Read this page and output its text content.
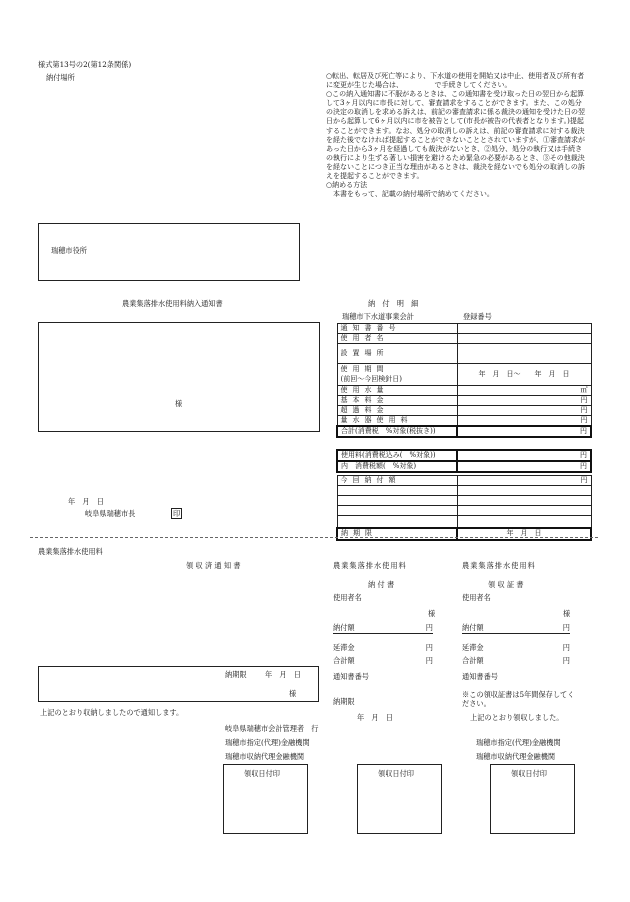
様式第13号の2(第12条関係)
納付場所	○転出、転居及び死亡等により、下水道の使用を開始又は中止、使用者及び所有者に変更が生じた場合は、　　　　　で手続きしてください。
○この納入通知書に不服があるときは、この通知書を受け取った日の翌日から起算して3ヶ月以内に市長に対して、審査請求をすることができます。また、この処分の決定の取消しを求める訴えは、前記の審査請求に係る裁決の通知を受けた日の翌日から起算して6ヶ月以内に市を被告として(市長が被告の代表者となります。)提起することができます。なお、処分の取消しの訴えは、前記の審査請求に対する裁決を経た後でなければ提起することができないこととされていますが、①審査請求があった日から3ヶ月を経過しても裁決がないとき、②処分、処分の執行又は手続きの執行により生ずる著しい損害を避けるため緊急の必要があるとき、③その他裁決を経ないことにつき正当な理由があるときは、裁決を経ないでも処分の取消しの訴えを提起することができます。
○納める方法
　本書をもって、記載の納付場所で納めてください。
瑞穂市役所
農業集落排水使用料納入通知書
様
年　月　日
岐阜県瑞穂市長	印
納　付　明　細
瑞穂市下水道事業会計	登録番号
通知書番号	
使用者名	
設置場所	
使用期間
(前回～今回検針日)	年　月　日～　　年　月　日
使用水量	㎥
基本料金	円
超過料金	円
量水器使用料	円
合計(消費税　%対象(税抜き))	円
使用料(消費税込み(　%対象))	円
内　消費税額(　%対象)	円
今回納付額	円

納期限	年　月　日
農業集落排水使用料
領 収 済 通 知 書
納期限	年　月　日
様
上記のとおり収納しましたので通知します。
岐阜県瑞穂市会計管理者　行
瑞穂市指定(代理)金融機関
瑞穂市収納代理金融機関
領収日付印
農業集落排水使用料
納 付 書
使用者名
様
納付額	円
延滞金	円
合計額	円
通知書番号
納期限
年　月　日
領収日付印
農業集落排水使用料
領 収 証 書
使用者名
様
納付額	円
延滞金	円
合計額	円
通知書番号
※この領収証書は5年間保存してください。
上記のとおり領収しました。
瑞穂市指定(代理)金融機関
瑞穂市収納代理金融機関
領収日付印
